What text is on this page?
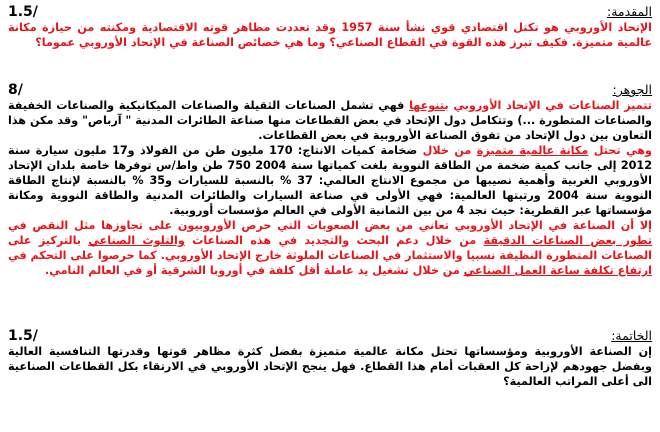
المقدمة:
1.5/

الإتحاد الأوروبي هو تكتل اقتصادي قوي نشأ سنة 1957 وقد تعددت مظاهر قوته الاقتصادية ومكنته من حيازة مكانة عالمية متميزة. فكيف تبرز هذه القوة في القطاع الصناعي؟ وما هي خصائص الصناعة في الإتحاد الأوروبي عموما؟

الجوهر:
8/

تتميز الصناعات في الإتحاد الأوروبي بتنوعها فهي تشمل الصناعات الثقيلة والصناعات الميكانيكية والصناعات الخفيفة والصناعات المتطورة ...) وتتكامل دول الإتحاد في بعض القطاعات منها صناعة الطائرات المدنية " آرباص" وقد مكن هذا التعاون بين دول الإتحاد من تفوق الصناعة الأوروبية في بعض القطاعات.

وهي تحتل مكانة عالمية متميزة من خلال ضخامة كميات الانتاج: 170 مليون طن من الفولاذ و17 مليون سيارة سنة 2012 إلى جانب كمية ضخمة من الطاقة النووية بلغت كمياتها سنة 2004 750 طن واط/س توفرها خاصة بلدان الإتحاد الأوروبي الغربية وأهمية نصيبها من مجموع الانتاج العالمي: 37 % بالنسبة للسيارات و35 % بالنسبة لإنتاج الطاقة النووية سنة 2004 ورتبتها العالمية: فهي الأولى في صناعة السيارات والطائرات المدنية والطاقة النووية ومكانة مؤسساتها عبر القطرية: حيث نجد 4 من بين الثمانية الأولى في العالم مؤسسات أوروبية.

إلا أن الصناعة في الإتحاد الأوروبي تعاني من بعض الصعوبات التي حرص الأوروبيون على تجاوزها مثل النقص في تطور بعض الصناعات الدقيقة من خلال دعم البحث والتجديد في هذه الصناعات والتلوث الصناعي بالتركيز على الصناعات المتطورة النظيفة نسبيا والاستثمار في الصناعات الملوثة خارج الإتحاد الأوروبي. كما حرصوا على التحكم في ارتفاع تكلفة ساعة العمل الصناعي من خلال تشغيل يد عاملة أقل كلفة في أوروبا الشرقية أو في العالم النامي.

الخاتمة:
1.5/

إن الصناعة الأوروبية ومؤسساتها تحتل مكانة عالمية متميزة بفضل كثرة مظاهر قوتها وقدرتها التنافسية العالية وبفضل جهودهم لإزاحة كل العقبات أمام هذا القطاع. فهل ينجح الإتحاد الأوروبي في الارتقاء بكل القطاعات الصناعية الى أعلى المراتب العالمية؟
